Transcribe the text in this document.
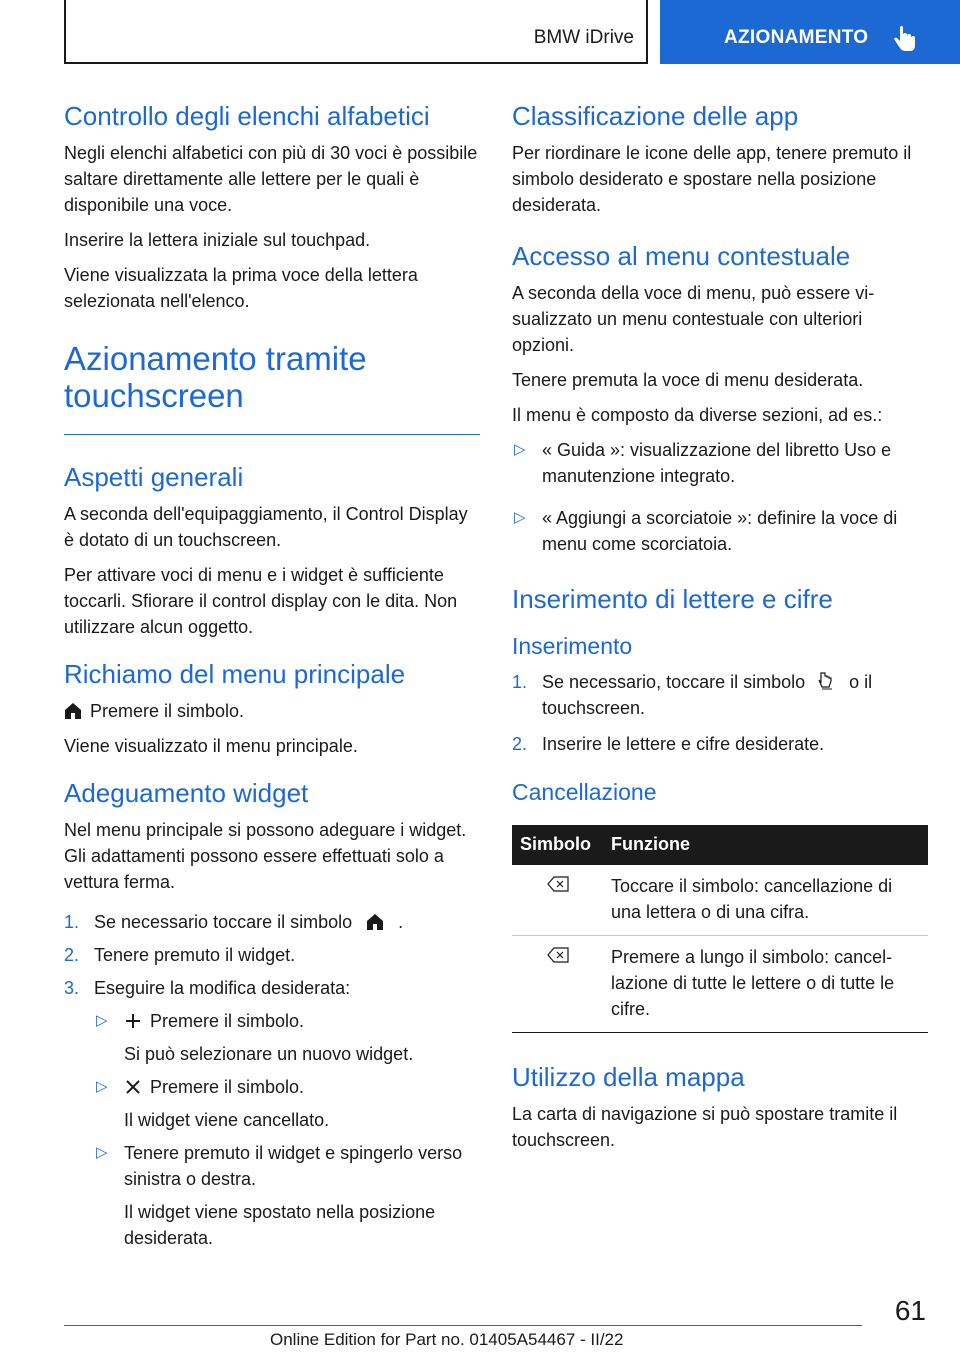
BMW iDrive	AZIONAMENTO
Controllo degli elenchi alfabetici

Negli elenchi alfabetici con più di 30 voci è possibile saltare direttamente alle lettere per le quali è disponibile una voce.

Inserire la lettera iniziale sul touchpad.

Viene visualizzata la prima voce della lettera selezionata nell'elenco.

Azionamento tramite
touchscreen
Aspetti generali

A seconda dell'equipaggiamento, il Control Display è dotato di un touchscreen.

Per attivare voci di menu e i widget è sufficiente toccarli. Sfiorare il control display con le dita. Non utilizzare alcun oggetto.

Richiamo del menu principale

Premere il simbolo.

Viene visualizzato il menu principale.

Adeguamento widget

Nel menu principale si possono adeguare i widget. Gli adattamenti possono essere effettuati solo a vettura ferma.

1. Se necessario toccare il simbolo	.
2. Tenere premuto il widget.
3. Eseguire la modifica desiderata:
▷ Premere il simbolo.
Si può selezionare un nuovo widget.
▷ Premere il simbolo.
Il widget viene cancellato.
▷ Tenere premuto il widget e spingerlo verso sinistra o destra.
Il widget viene spostato nella posizione desiderata.
Classificazione delle app

Per riordinare le icone delle app, tenere premuto il simbolo desiderato e spostare nella posizione desiderata.

Accesso al menu contestuale

A seconda della voce di menu, può essere visualizzato un menu contestuale con ulteriori opzioni.

Tenere premuta la voce di menu desiderata.

Il menu è composto da diverse sezioni, ad es.:

▷ « Guida »: visualizzazione del libretto Uso e manutenzione integrato.
▷ « Aggiungi a scorciatoie »: definire la voce di menu come scorciatoia.
Inserimento di lettere e cifre
Inserimento
1. Se necessario, toccare il simbolo o il touchscreen.
2. Inserire le lettere e cifre desiderate.
Cancellazione
Simbolo	Funzione
	Toccare il simbolo: cancellazione di una lettera o di una cifra.
	Premere a lungo il simbolo: cancellazione di tutte le lettere o di tutte le cifre.
Utilizzo della mappa

La carta di navigazione si può spostare tramite il touchscreen.

61
Online Edition for Part no. 01405A54467 - II/22
